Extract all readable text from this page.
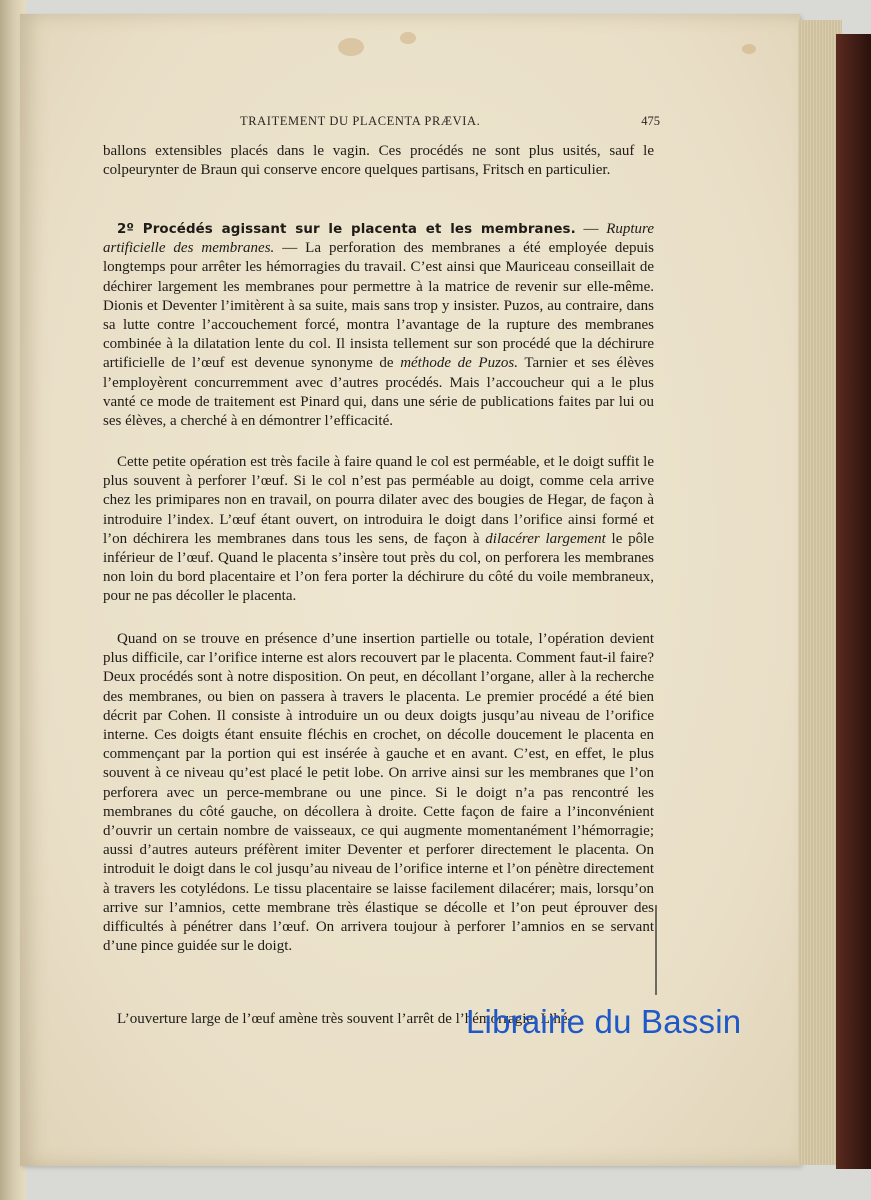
TRAITEMENT DU PLACENTA PRÆVIA.	475

ballons extensibles placés dans le vagin. Ces procédés ne sont plus usités, sauf le colpeurynter de Braun qui conserve encore quelques partisans, Fritsch en particulier.

2º Procédés agissant sur le placenta et les membranes. — Rupture artificielle des membranes. — La perforation des membranes a été employée depuis longtemps pour arrêter les hémorragies du travail. C’est ainsi que Mauriceau conseillait de déchirer largement les membranes pour permettre à la matrice de revenir sur elle-même. Dionis et Deventer l’imitèrent à sa suite, mais sans trop y insister. Puzos, au contraire, dans sa lutte contre l’accouchement forcé, montra l’avantage de la rupture des membranes combinée à la dilatation lente du col. Il insista tellement sur son procédé que la déchirure artificielle de l’œuf est devenue synonyme de méthode de Puzos. Tarnier et ses élèves l’employèrent concurremment avec d’autres procédés. Mais l’accoucheur qui a le plus vanté ce mode de traitement est Pinard qui, dans une série de publications faites par lui ou ses élèves, a cherché à en démontrer l’efficacité.

Cette petite opération est très facile à faire quand le col est perméable, et le doigt suffit le plus souvent à perforer l’œuf. Si le col n’est pas perméable au doigt, comme cela arrive chez les primipares non en travail, on pourra dilater avec des bougies de Hegar, de façon à introduire l’index. L’œuf étant ouvert, on introduira le doigt dans l’orifice ainsi formé et l’on déchirera les membranes dans tous les sens, de façon à dilacérer largement le pôle inférieur de l’œuf. Quand le placenta s’insère tout près du col, on perforera les membranes non loin du bord placentaire et l’on fera porter la déchirure du côté du voile membraneux, pour ne pas décoller le placenta.

Quand on se trouve en présence d’une insertion partielle ou totale, l’opération devient plus difficile, car l’orifice interne est alors recouvert par le placenta. Comment faut-il faire? Deux procédés sont à notre disposition. On peut, en décollant l’organe, aller à la recherche des membranes, ou bien on passera à travers le placenta. Le premier procédé a été bien décrit par Cohen. Il consiste à introduire un ou deux doigts jusqu’au niveau de l’orifice interne. Ces doigts étant ensuite fléchis en crochet, on décolle doucement le placenta en commençant par la portion qui est insérée à gauche et en avant. C’est, en effet, le plus souvent à ce niveau qu’est placé le petit lobe. On arrive ainsi sur les membranes que l’on perforera avec un perce-membrane ou une pince. Si le doigt n’a pas rencontré les membranes du côté gauche, on décollera à droite. Cette façon de faire a l’inconvénient d’ouvrir un certain nombre de vaisseaux, ce qui augmente momentanément l’hémorragie; aussi d’autres auteurs préfèrent imiter Deventer et perforer directement le placenta. On introduit le doigt dans le col jusqu’au niveau de l’orifice interne et l’on pénètre directement à travers les cotylédons. Le tissu placentaire se laisse facilement dilacérer; mais, lorsqu’on arrive sur l’amnios, cette membrane très élastique se décolle et l’on peut éprouver des difficultés à pénétrer dans l’œuf. On arrivera toujour à perforer l’amnios en se servant d’une pince guidée sur le doigt.

L’ouverture large de l’œuf amène très souvent l’arrêt de l’hémorragie. L’hé-

Librairie du Bassin
